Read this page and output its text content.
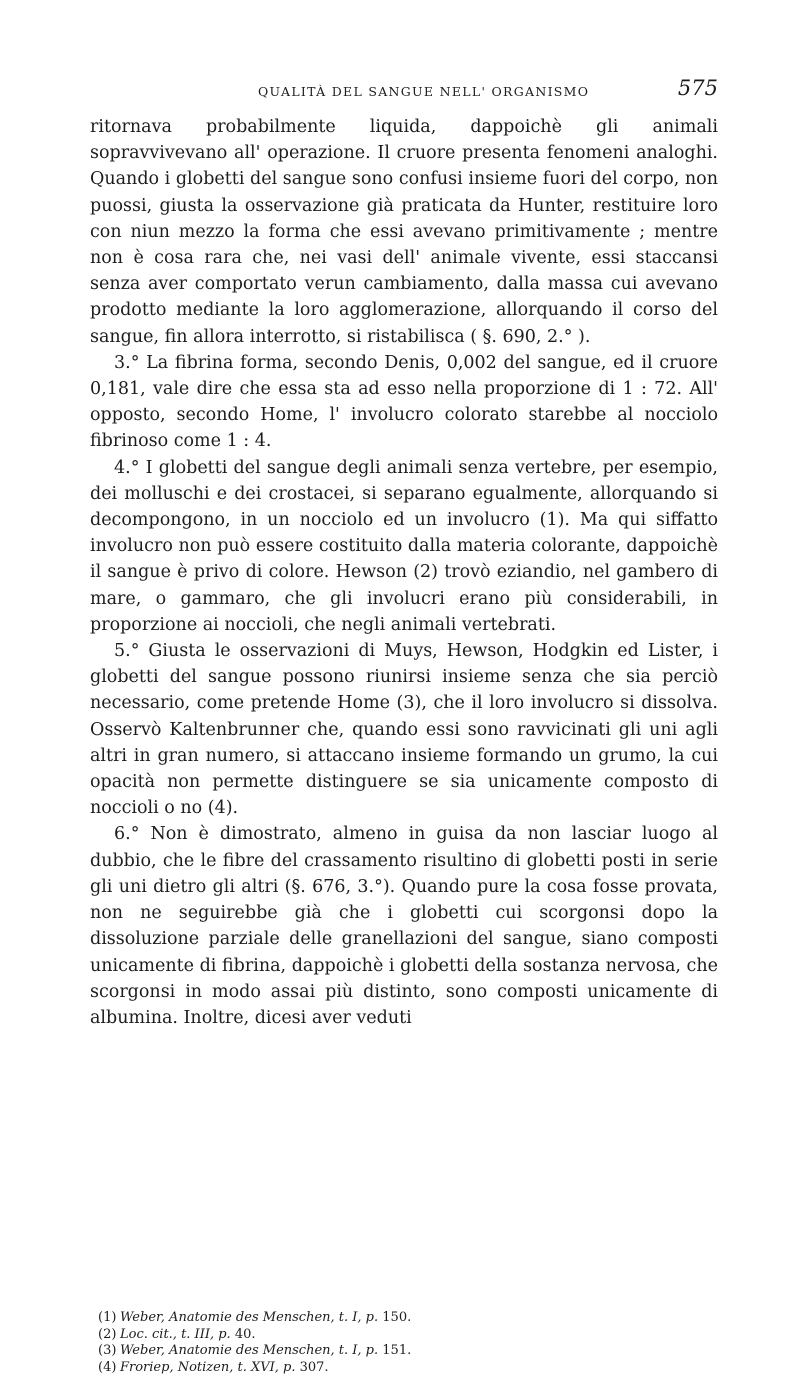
QUALITÀ DEL SANGUE NELL' ORGANISMO	575

ritornava probabilmente liquida, dappoichè gli animali sopravvivevano all' operazione. Il cruore presenta fenomeni analoghi. Quando i globetti del sangue sono confusi insieme fuori del corpo, non puossi, giusta la osservazione già praticata da Hunter, restituire loro con niun mezzo la forma che essi avevano primitivamente ; mentre non è cosa rara che, nei vasi dell' animale vivente, essi staccansi senza aver comportato verun cambiamento, dalla massa cui avevano prodotto mediante la loro agglomerazione, allorquando il corso del sangue, fin allora interrotto, si ristabilisca ( §. 690, 2.° ).

3.° La fibrina forma, secondo Denis, 0,002 del sangue, ed il cruore 0,181, vale dire che essa sta ad esso nella proporzione di 1 : 72. All' opposto, secondo Home, l' involucro colorato starebbe al nocciolo fibrinoso come 1 : 4.

4.° I globetti del sangue degli animali senza vertebre, per esempio, dei molluschi e dei crostacei, si separano egualmente, allorquando si decompongono, in un nocciolo ed un involucro (1). Ma qui siffatto involucro non può essere costituito dalla materia colorante, dappoichè il sangue è privo di colore. Hewson (2) trovò eziandio, nel gambero di mare, o gammaro, che gli involucri erano più considerabili, in proporzione ai noccioli, che negli animali vertebrati.

5.° Giusta le osservazioni di Muys, Hewson, Hodgkin ed Lister, i globetti del sangue possono riunirsi insieme senza che sia perciò necessario, come pretende Home (3), che il loro involucro si dissolva. Osservò Kaltenbrunner che, quando essi sono ravvicinati gli uni agli altri in gran numero, si attaccano insieme formando un grumo, la cui opacità non permette distinguere se sia unicamente composto di noccioli o no (4).

6.° Non è dimostrato, almeno in guisa da non lasciar luogo al dubbio, che le fibre del crassamento risultino di globetti posti in serie gli uni dietro gli altri (§. 676, 3.°). Quando pure la cosa fosse provata, non ne seguirebbe già che i globetti cui scorgonsi dopo la dissoluzione parziale delle granellazioni del sangue, siano composti unicamente di fibrina, dappoichè i globetti della sostanza nervosa, che scorgonsi in modo assai più distinto, sono composti unicamente di albumina. Inoltre, dicesi aver veduti

(1) Weber, Anatomie des Menschen, t. I, p. 150.
(2) Loc. cit., t. III, p. 40.
(3) Weber, Anatomie des Menschen, t. I, p. 151.
(4) Froriep, Notizen, t. XVI, p. 307.
